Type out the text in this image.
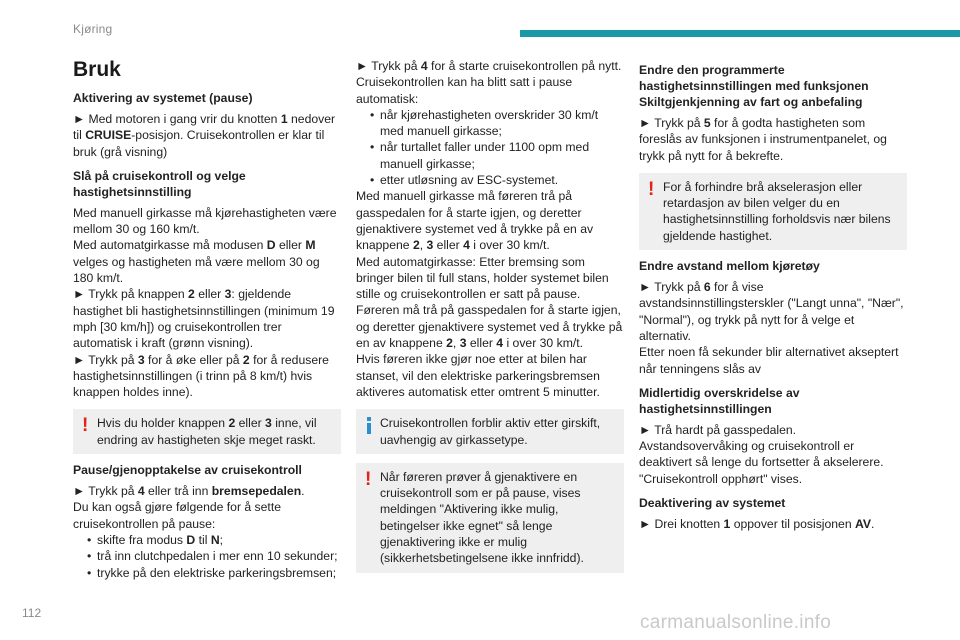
Kjøring
Bruk
Aktivering av systemet (pause)

► Med motoren i gang vrir du knotten 1 nedover til CRUISE-posisjon. Cruisekontrollen er klar til bruk (grå visning)

Slå på cruisekontroll og velge hastighetsinnstilling

Med manuell girkasse må kjørehastigheten være mellom 30 og 160 km/t.

Med automatgirkasse må modusen D eller M velges og hastigheten må være mellom 30 og 180 km/t.

► Trykk på knappen 2 eller 3: gjeldende hastighet bli hastighetsinnstillingen (minimum 19 mph [30 km/h]) og cruisekontrollen trer automatisk i kraft (grønn visning).

► Trykk på 3 for å øke eller på 2 for å redusere hastighetsinnstillingen (i trinn på 8 km/t) hvis knappen holdes inne).

! Hvis du holder knappen 2 eller 3 inne, vil endring av hastigheten skje meget raskt.

Pause/gjenopptakelse av cruisekontroll

► Trykk på 4 eller trå inn bremsepedalen.

Du kan også gjøre følgende for å sette cruisekontrollen på pause:

• skifte fra modus D til N;
• trå inn clutchpedalen i mer enn 10 sekunder;
• trykke på den elektriske parkeringsbremsen;

► Trykk på 4 for å starte cruisekontrollen på nytt. Cruisekontrollen kan ha blitt satt i pause automatisk:

• når kjørehastigheten overskrider 30 km/t med manuell girkasse;
• når turtallet faller under 1100 opm med manuell girkasse;
• etter utløsning av ESC-systemet.

Med manuell girkasse må føreren trå på gasspedalen for å starte igjen, og deretter gjenaktivere systemet ved å trykke på en av knappene 2, 3 eller 4 i over 30 km/t.

Med automatgirkasse: Etter bremsing som bringer bilen til full stans, holder systemet bilen stille og cruisekontrollen er satt på pause. Føreren må trå på gasspedalen for å starte igjen, og deretter gjenaktivere systemet ved å trykke på en av knappene 2, 3 eller 4 i over 30 km/t.

Hvis føreren ikke gjør noe etter at bilen har stanset, vil den elektriske parkeringsbremsen aktiveres automatisk etter omtrent 5 minutter.

Cruisekontrollen forblir aktiv etter girskift, uavhengig av girkassetype.

! Når føreren prøver å gjenaktivere en cruisekontroll som er på pause, vises meldingen "Aktivering ikke mulig, betingelser ikke egnet" så lenge gjenaktivering ikke er mulig (sikkerhetsbetingelsene ikke innfridd).

Endre den programmerte hastighetsinnstillingen med funksjonen Skiltgjenkjenning av fart og anbefaling

► Trykk på 5 for å godta hastigheten som foreslås av funksjonen i instrumentpanelet, og trykk på nytt for å bekrefte.

! For å forhindre brå akselerasjon eller retardasjon av bilen velger du en hastighetsinnstilling forholdsvis nær bilens gjeldende hastighet.

Endre avstand mellom kjøretøy

► Trykk på 6 for å vise avstandsinnstillingsterskler ("Langt unna", "Nær", "Normal"), og trykk på nytt for å velge et alternativ.

Etter noen få sekunder blir alternativet akseptert når tenningens slås av

Midlertidig overskridelse av hastighetsinnstillingen

► Trå hardt på gasspedalen.

Avstandsovervåking og cruisekontroll er deaktivert så lenge du fortsetter å akselerere. "Cruisekontroll opphørt" vises.

Deaktivering av systemet

► Drei knotten 1 oppover til posisjonen AV.

112	carmanualsonline.info
